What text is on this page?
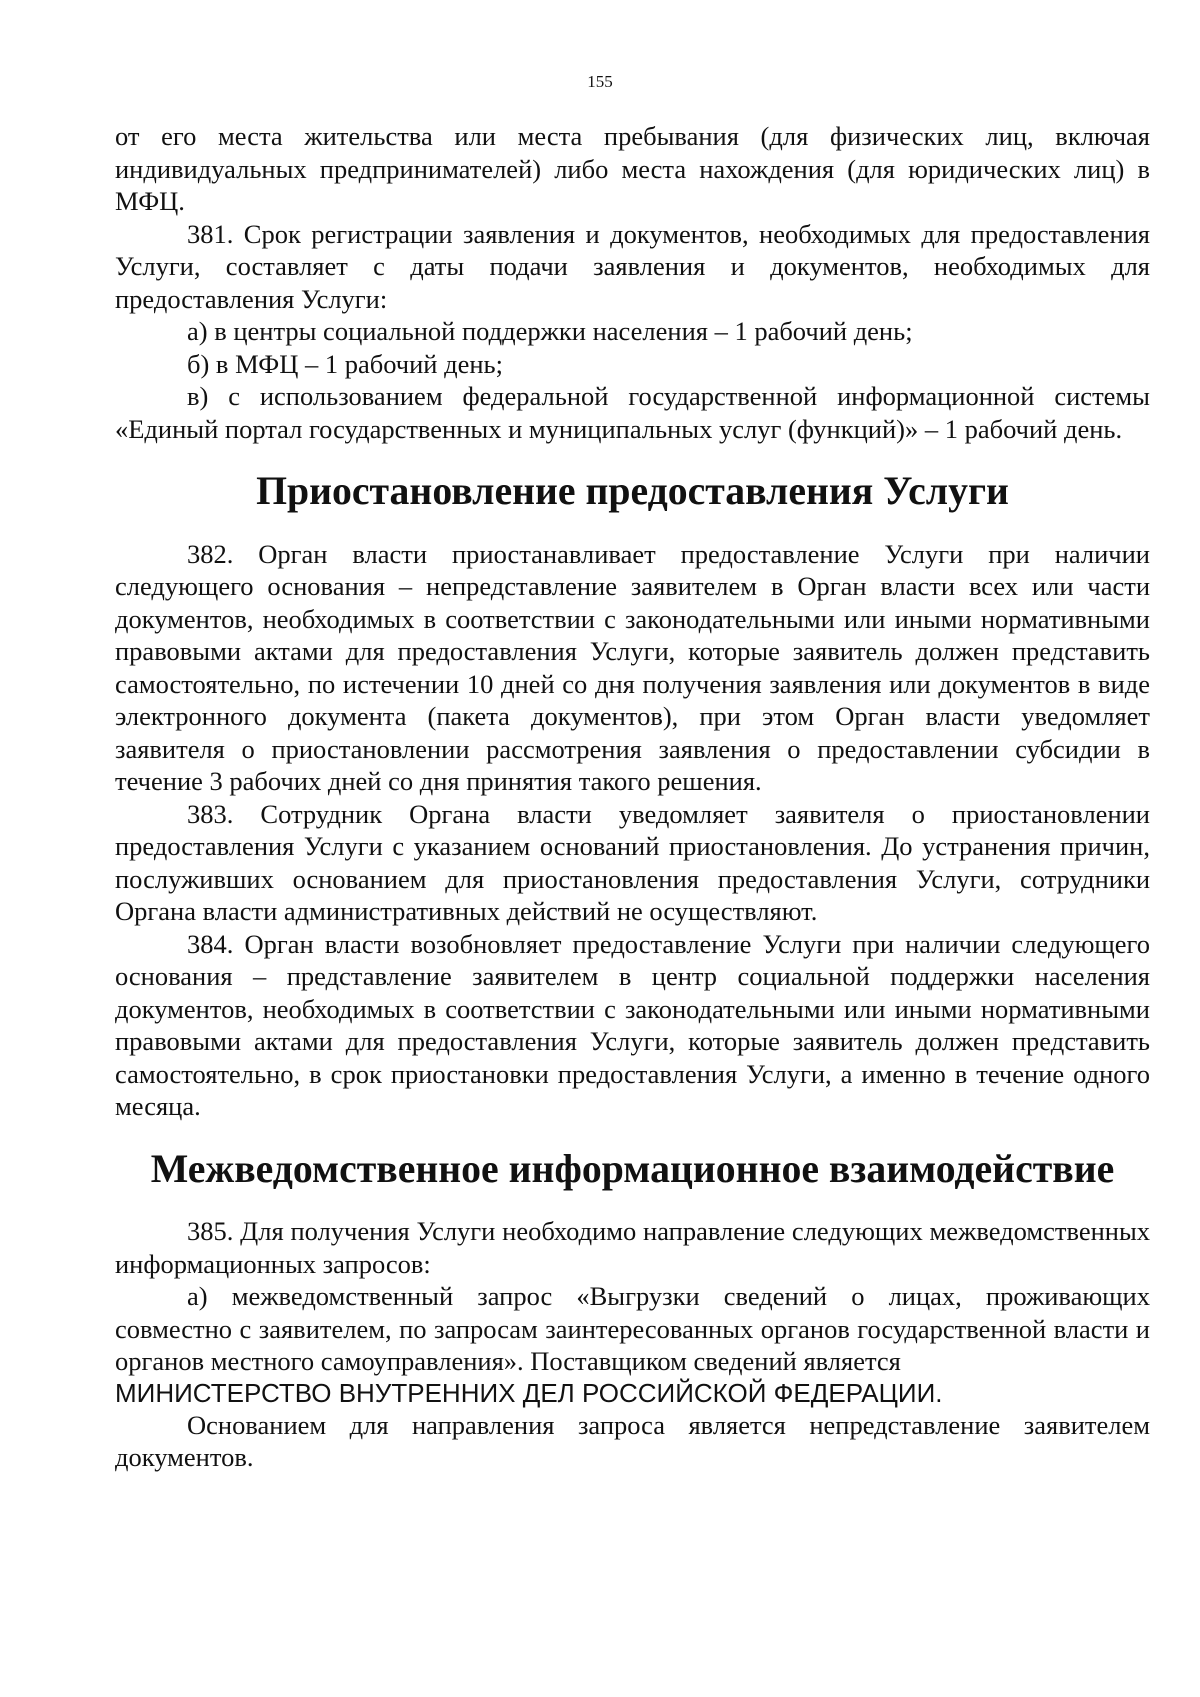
155

от его места жительства или места пребывания (для физических лиц, включая индивидуальных предпринимателей) либо места нахождения (для юридических лиц) в МФЦ.

381. Срок регистрации заявления и документов, необходимых для предоставления Услуги, составляет с даты подачи заявления и документов, необходимых для предоставления Услуги:

а) в центры социальной поддержки населения – 1 рабочий день;

б) в МФЦ – 1 рабочий день;

в) с использованием федеральной государственной информационной системы «Единый портал государственных и муниципальных услуг (функций)» – 1 рабочий день.

Приостановление предоставления Услуги

382. Орган власти приостанавливает предоставление Услуги при наличии следующего основания – непредставление заявителем в Орган власти всех или части документов, необходимых в соответствии с законодательными или иными нормативными правовыми актами для предоставления Услуги, которые заявитель должен представить самостоятельно, по истечении 10 дней со дня получения заявления или документов в виде электронного документа (пакета документов), при этом Орган власти уведомляет заявителя о приостановлении рассмотрения заявления о предоставлении субсидии в течение 3 рабочих дней со дня принятия такого решения.

383. Сотрудник Органа власти уведомляет заявителя о приостановлении предоставления Услуги с указанием оснований приостановления. До устранения причин, послуживших основанием для приостановления предоставления Услуги, сотрудники Органа власти административных действий не осуществляют.

384. Орган власти возобновляет предоставление Услуги при наличии следующего основания – представление заявителем в центр социальной поддержки населения документов, необходимых в соответствии с законодательными или иными нормативными правовыми актами для предоставления Услуги, которые заявитель должен представить самостоятельно, в срок приостановки предоставления Услуги, а именно в течение одного месяца.

Межведомственное информационное взаимодействие

385. Для получения Услуги необходимо направление следующих межведомственных информационных запросов:

а) межведомственный запрос «Выгрузки сведений о лицах, проживающих совместно с заявителем, по запросам заинтересованных органов государственной власти и органов местного самоуправления». Поставщиком сведений является

МИНИСТЕРСТВО ВНУТРЕННИХ ДЕЛ РОССИЙСКОЙ ФЕДЕРАЦИИ.

Основанием для направления запроса является непредставление заявителем документов.
